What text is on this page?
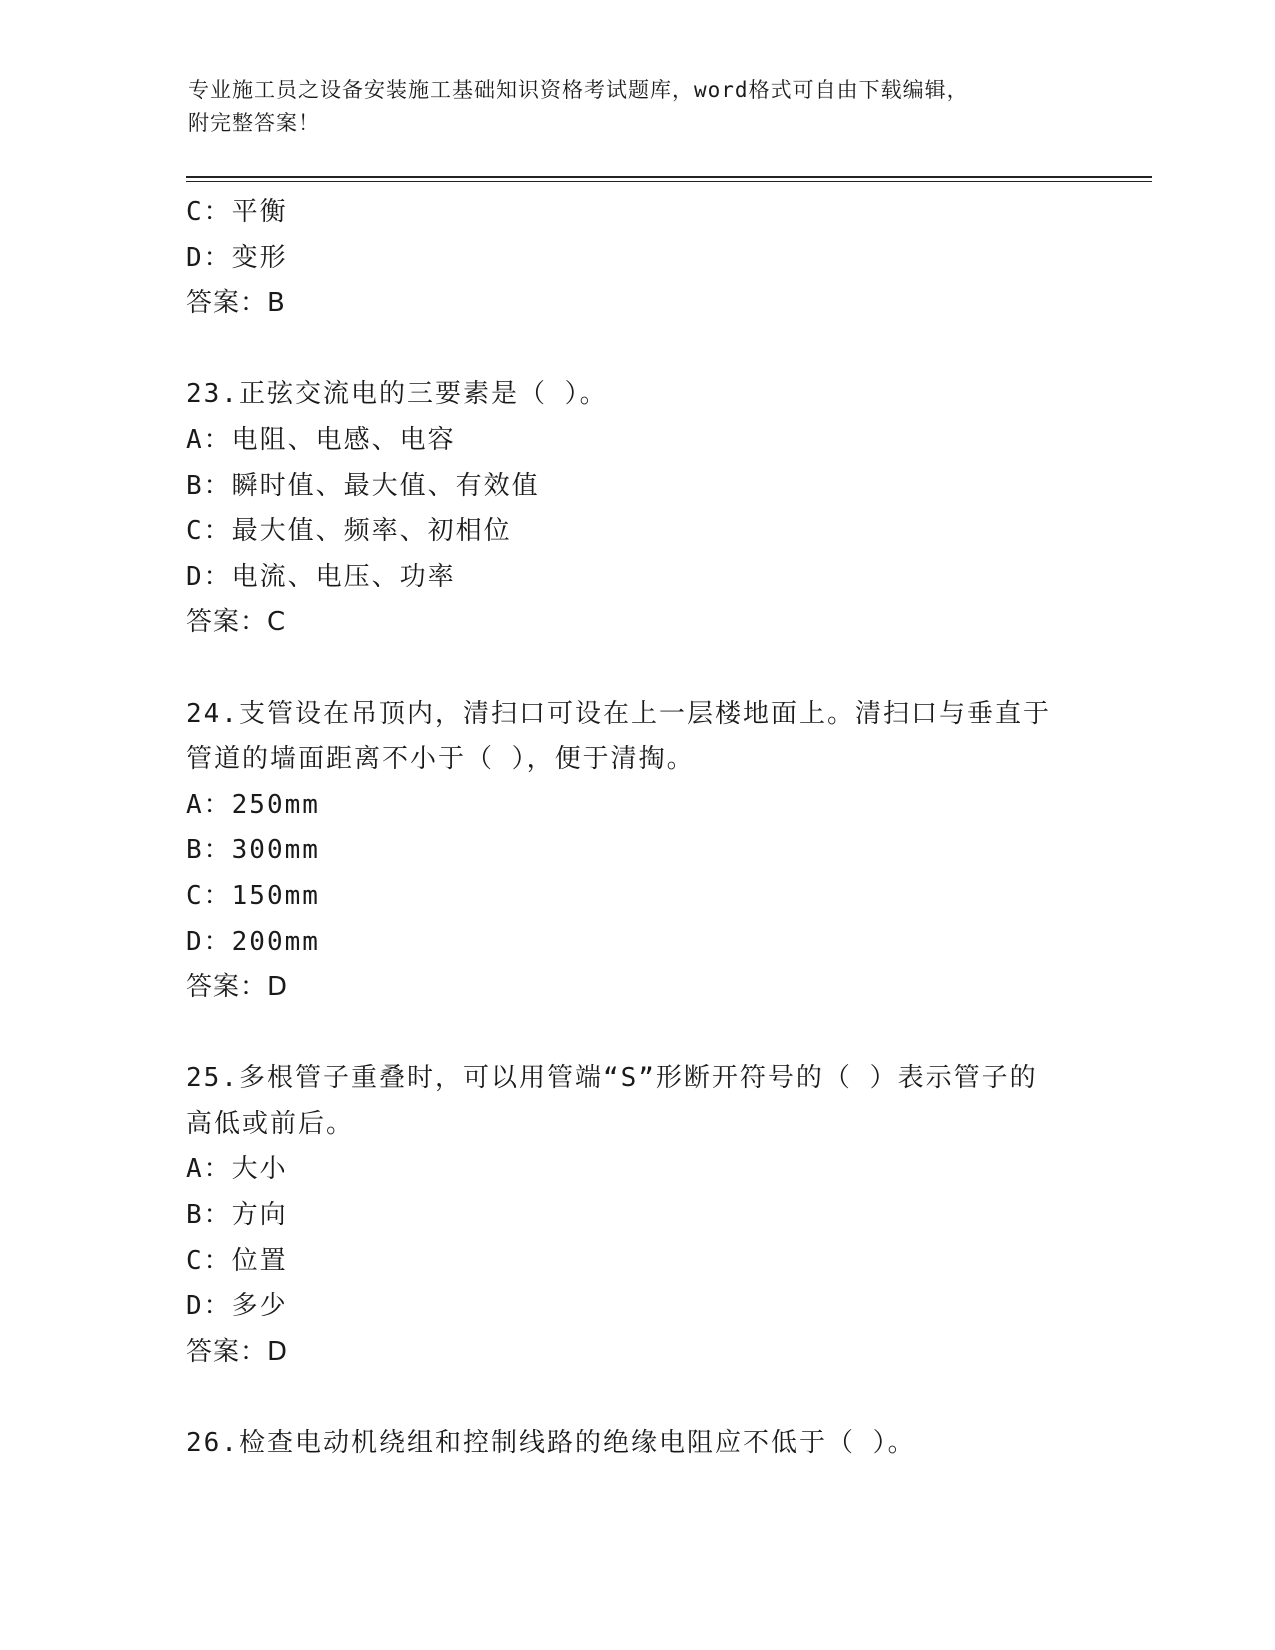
专业施工员之设备安装施工基础知识资格考试题库，word格式可自由下载编辑，
附完整答案！
C：平衡
D：变形
答案：B
23.正弦交流电的三要素是（ ）。
A：电阻、电感、电容
B：瞬时值、最大值、有效值
C：最大值、频率、初相位
D：电流、电压、功率
答案：C
24.支管设在吊顶内，清扫口可设在上一层楼地面上。清扫口与垂直于
管道的墙面距离不小于（ ），便于清掏。
A：250mm
B：300mm
C：150mm
D：200mm
答案：D
25.多根管子重叠时，可以用管端“S”形断开符号的（ ）表示管子的
高低或前后。
A：大小
B：方向
C：位置
D：多少
答案：D
26.检查电动机绕组和控制线路的绝缘电阻应不低于（ ）。
